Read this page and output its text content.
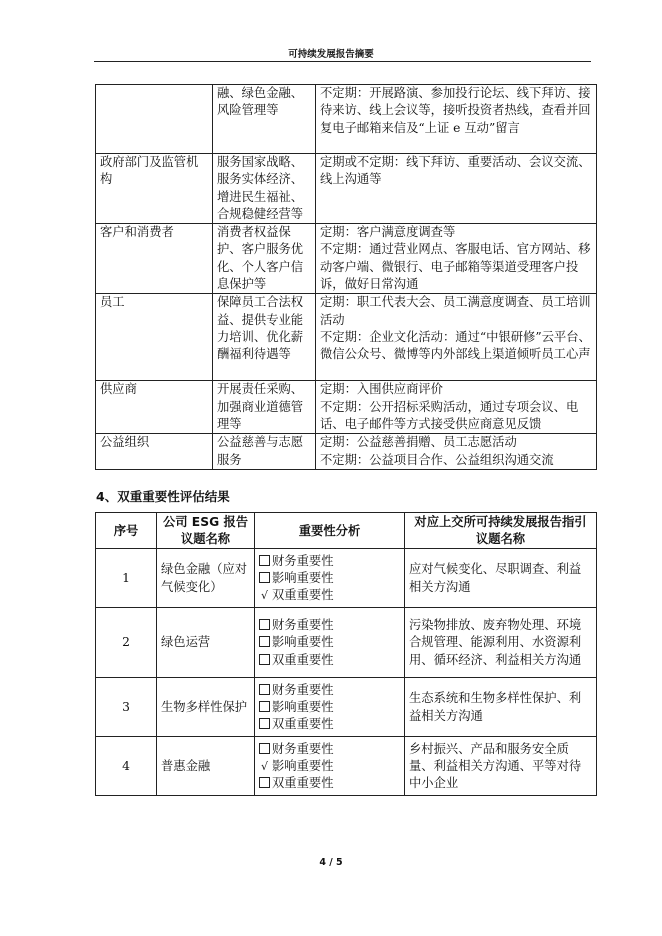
可持续发展报告摘要
	融、绿色金融、风险管理等	不定期：开展路演、参加投行论坛、线下拜访、接待来访、线上会议等，接听投资者热线，查看并回复电子邮箱来信及“上证 e 互动”留言

政府部门及监管机构	服务国家战略、服务实体经济、增进民生福祉、合规稳健经营等	定期或不定期：线下拜访、重要活动、会议交流、线上沟通等

客户和消费者	消费者权益保护、客户服务优化、个人客户信息保护等	定期：客户满意度调查等
不定期：通过营业网点、客服电话、官方网站、移动客户端、微银行、电子邮箱等渠道受理客户投诉，做好日常沟通

员工	保障员工合法权益、提供专业能力培训、优化薪酬福利待遇等	定期：职工代表大会、员工满意度调查、员工培训活动
不定期：企业文化活动：通过“中银研修”云平台、微信公众号、微博等内外部线上渠道倾听员工心声

供应商	开展责任采购、加强商业道德管理等	定期：入围供应商评价
不定期：公开招标采购活动，通过专项会议、电话、电子邮件等方式接受供应商意见反馈

公益组织	公益慈善与志愿服务	定期：公益慈善捐赠、员工志愿活动
不定期：公益项目合作、公益组织沟通交流
4、双重重要性评估结果
序号	公司 ESG 报告议题名称	重要性分析	对应上交所可持续发展报告指引议题名称
1	绿色金融（应对气候变化）	财务重要性
影响重要性
√ 双重重要性	应对气候变化、尽职调查、利益相关方沟通
2	绿色运营	财务重要性
影响重要性
双重重要性	污染物排放、废弃物处理、环境合规管理、能源利用、水资源利用、循环经济、利益相关方沟通
3	生物多样性保护	财务重要性
影响重要性
双重重要性	生态系统和生物多样性保护、利益相关方沟通
4	普惠金融	财务重要性
√ 影响重要性
双重重要性	乡村振兴、产品和服务安全质量、利益相关方沟通、平等对待中小企业
4 / 5
